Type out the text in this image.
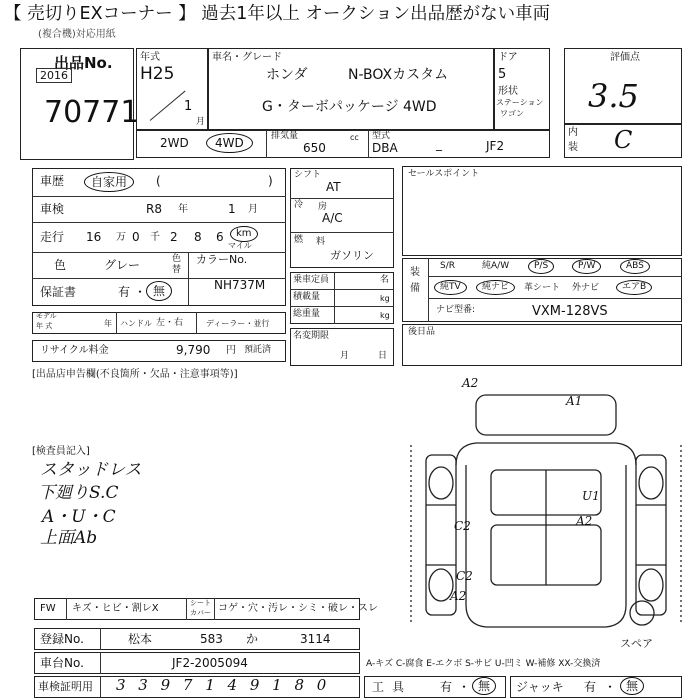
【 売切りEXコーナー 】 過去1年以上 オークション出品歴がない車両
(複合機)対応用紙
出品No.
2016
70771
年式
H25
1
月
車名・グレード
ホンダ	N-BOXカスタム
G・ターボパッケージ 4WD
ドア
5
形状
ステーション
ワゴン
2WD	4WD	排気量
650
cc 型式
DBA	_	JF2
評価点
3.5
内
装 C
車歴	自家用	(	)
車検	R8 年	1 月
走行 16 万 0 千 2 8 6	km
マイル
色	グレー	色
替
カラーNo.
NH737M
保証書	有 ・ 無
モデル
年 式	年 ハンドル 左・右	ディーラー・並行
リサイクル料金	9,790 円 預託済
シフト
AT
冷 房
A/C
燃 料
ガソリン
乗車定員	名
積載量	kg
総重量	kg
名変期限
月	日
セールスポイント
装
備
S/R	純A/W	P/S	P/W	ABS
純TV	純ナビ	革シート 外ナビ	エアB
ナビ型番:	VXM-128VS
後日品
[出品店申告欄(不良箇所・欠品・注意事項等)]
[検査員記入]
スタッドレス
下廻りS.C
A・U・C
上面Ab
FW キズ・ヒビ・割レX	シート
カバー コゲ・穴・汚レ・シミ・破レ・スレ
登録No.	松本	583 か	3114
車台No.	JF2-2005094
車検証明用 3 3 9 7 1 4 9 1 8 0
A2
A1
U1
A2
C2
C2
A2
スペア
A-キズ C-腐食 E-エクボ S-サビ U-凹ミ W-補修 XX-交換済
工具 有 ・ 無	ジャッキ 有 ・ 無
